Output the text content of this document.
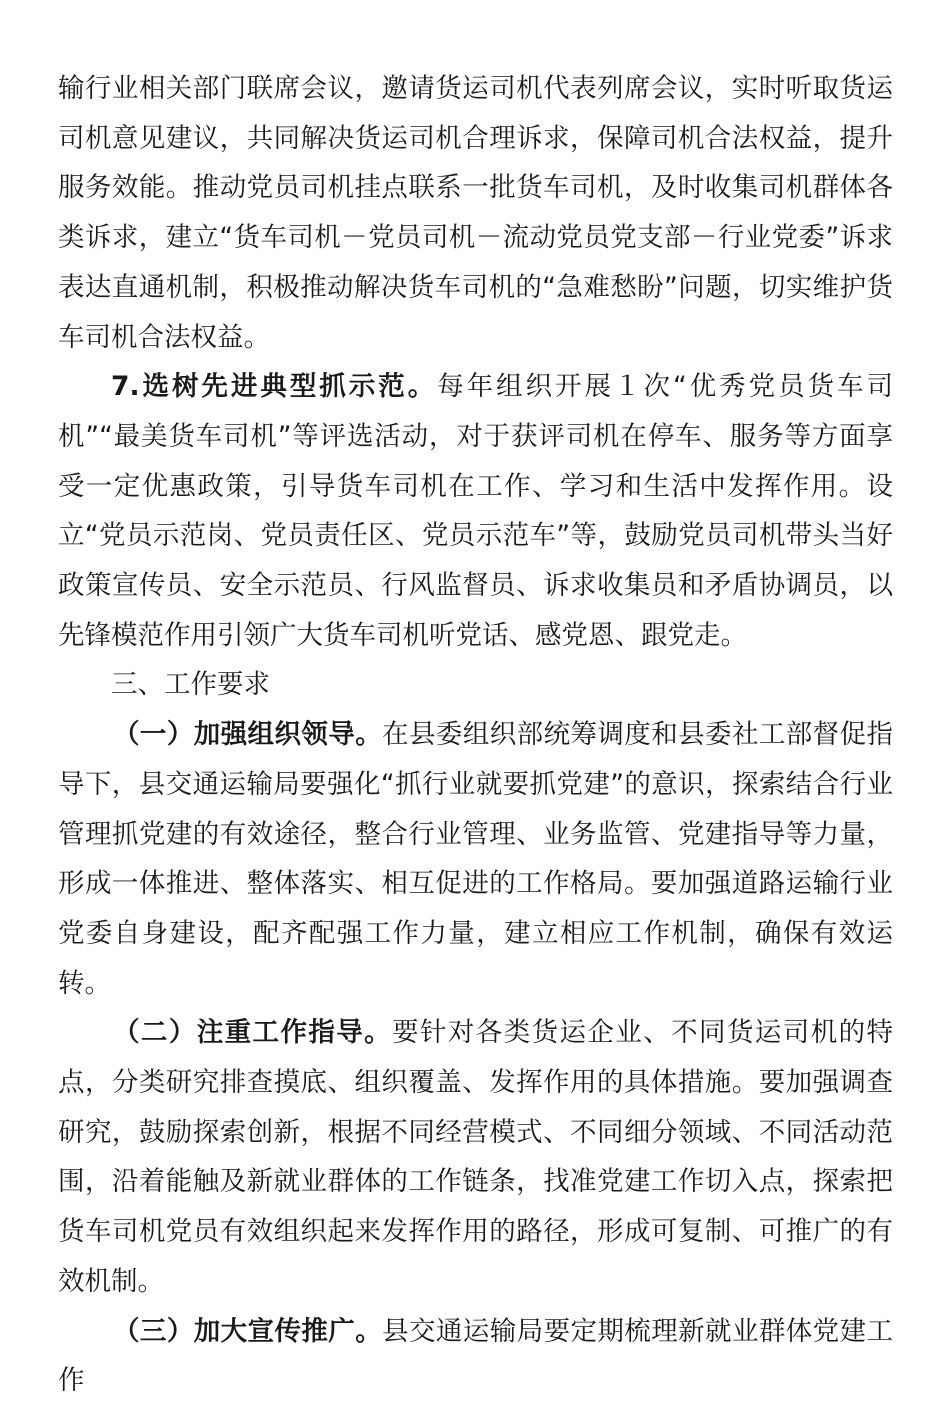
输行业相关部门联席会议，邀请货运司机代表列席会议，实时听取货运司机意见建议，共同解决货运司机合理诉求，保障司机合法权益，提升服务效能。推动党员司机挂点联系一批货车司机，及时收集司机群体各类诉求，建立“货车司机－党员司机－流动党员党支部－行业党委”诉求表达直通机制，积极推动解决货车司机的“急难愁盼”问题，切实维护货车司机合法权益。

7.选树先进典型抓示范。每年组织开展１次“优秀党员货车司机”“最美货车司机”等评选活动，对于获评司机在停车、服务等方面享受一定优惠政策，引导货车司机在工作、学习和生活中发挥作用。设立“党员示范岗、党员责任区、党员示范车”等，鼓励党员司机带头当好政策宣传员、安全示范员、行风监督员、诉求收集员和矛盾协调员，以先锋模范作用引领广大货车司机听党话、感党恩、跟党走。

三、工作要求

（一）加强组织领导。在县委组织部统筹调度和县委社工部督促指导下，县交通运输局要强化“抓行业就要抓党建”的意识，探索结合行业管理抓党建的有效途径，整合行业管理、业务监管、党建指导等力量，形成一体推进、整体落实、相互促进的工作格局。要加强道路运输行业党委自身建设，配齐配强工作力量，建立相应工作机制，确保有效运转。

（二）注重工作指导。要针对各类货运企业、不同货运司机的特点，分类研究排查摸底、组织覆盖、发挥作用的具体措施。要加强调查研究，鼓励探索创新，根据不同经营模式、不同细分领域、不同活动范围，沿着能触及新就业群体的工作链条，找准党建工作切入点，探索把货车司机党员有效组织起来发挥作用的路径，形成可复制、可推广的有效机制。

（三）加大宣传推广。县交通运输局要定期梳理新就业群体党建工作
